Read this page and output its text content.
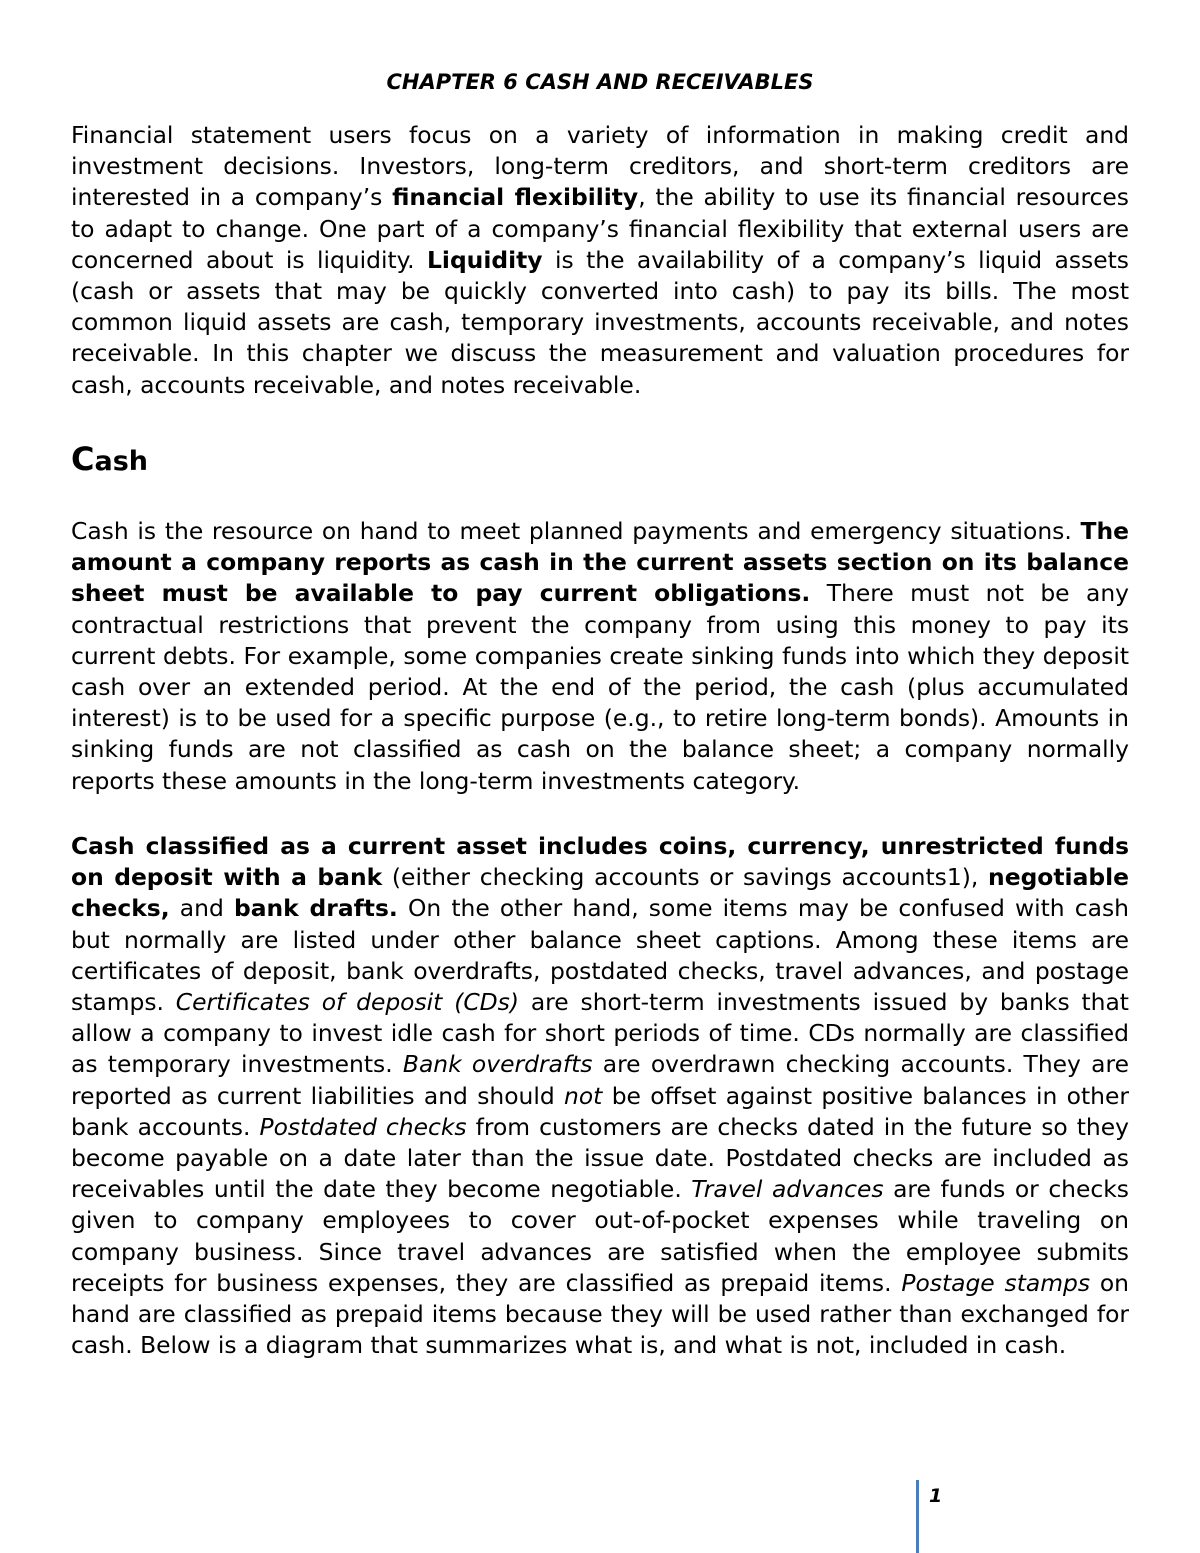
CHAPTER 6 CASH AND RECEIVABLES

Financial statement users focus on a variety of information in making credit and investment decisions. Investors, long-term creditors, and short-term creditors are interested in a company’s financial flexibility, the ability to use its financial resources to adapt to change. One part of a company’s financial flexibility that external users are concerned about is liquidity. Liquidity is the availability of a company’s liquid assets (cash or assets that may be quickly converted into cash) to pay its bills. The most common liquid assets are cash, temporary investments, accounts receivable, and notes receivable. In this chapter we discuss the measurement and valuation procedures for cash, accounts receivable, and notes receivable.

Cash

Cash is the resource on hand to meet planned payments and emergency situations. The amount a company reports as cash in the current assets section on its balance sheet must be available to pay current obligations. There must not be any contractual restrictions that prevent the company from using this money to pay its current debts. For example, some companies create sinking funds into which they deposit cash over an extended period. At the end of the period, the cash (plus accumulated interest) is to be used for a specific purpose (e.g., to retire long-term bonds). Amounts in sinking funds are not classified as cash on the balance sheet; a company normally reports these amounts in the long-term investments category.

Cash classified as a current asset includes coins, currency, unrestricted funds on deposit with a bank (either checking accounts or savings accounts1), negotiable checks, and bank drafts. On the other hand, some items may be confused with cash but normally are listed under other balance sheet captions. Among these items are certificates of deposit, bank overdrafts, postdated checks, travel advances, and postage stamps. Certificates of deposit (CDs) are short-term investments issued by banks that allow a company to invest idle cash for short periods of time. CDs normally are classified as temporary investments. Bank overdrafts are overdrawn checking accounts. They are reported as current liabilities and should not be offset against positive balances in other bank accounts. Postdated checks from customers are checks dated in the future so they become payable on a date later than the issue date. Postdated checks are included as receivables until the date they become negotiable. Travel advances are funds or checks given to company employees to cover out-of-pocket expenses while traveling on company business. Since travel advances are satisfied when the employee submits receipts for business expenses, they are classified as prepaid items. Postage stamps on hand are classified as prepaid items because they will be used rather than exchanged for cash. Below is a diagram that summarizes what is, and what is not, included in cash.

1
